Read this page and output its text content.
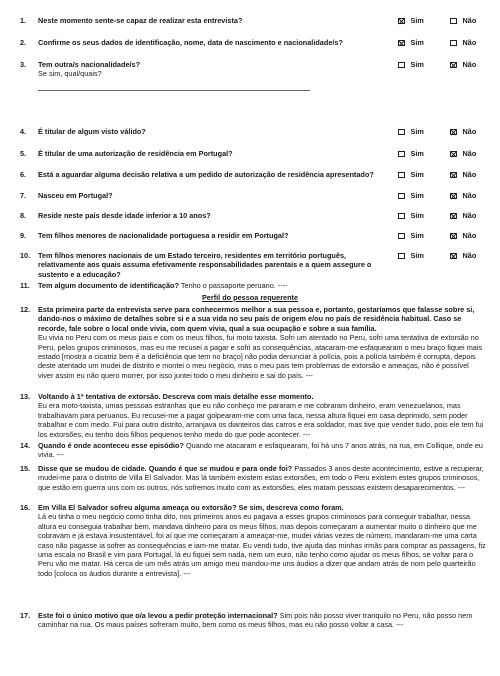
1.	Neste momento sente-se capaz de realizar esta entrevista?	Sim	Não
2.	Confirme os seus dados de identificação, nome, data de nascimento e nacionalidade/s?	Sim	Não
3.	Tem outra/s nacionalidade/s?
Se sim, qual/quais?
Sim	Não
4.	É titular de algum visto válido?	Sim	Não
5.	É titular de uma autorização de residência em Portugal?	Sim	Não
6.	Está a aguardar alguma decisão relativa a um pedido de autorização de residência apresentado?	Sim	Não
7.	Nasceu em Portugal?	Sim	Não
8.	Reside neste país desde idade inferior a 10 anos?	Sim	Não
9.	Tem filhos menores de nacionalidade portuguesa a residir em Portugal?	Sim	Não
10.	Tem filhos menores nacionais de um Estado terceiro, residentes em território português, relativamente aos quais assuma efetivamente responsabilidades parentais e a quem assegure o sustento e a educação?
Sim	Não
11.	Tem algum documento de identificação? Tenho o passaporte peruano. ----
Perfil do pessoa requerente
12.	Esta primeira parte da entrevista serve para conhecermos melhor a sua pessoa e, portanto, gostaríamos que falasse sobre si, dando-nos o máximo de detalhes sobre si e a sua vida no seu país de origem e/ou no país de residência habitual. Caso se recorde, fale sobre o local onde vivia, com quem vivia, qual a sua ocupação e sobre a sua família.
Eu vivia no Peru com os meus pais e com os meus filhos, fui moto taxista. Sofri um atentado no Peru, sofri uma tentativa de extorsão no Peru, pelos grupos criminosos, mas eu me recusei a pagar e sofri as consequências, atacaram-me esfaquearam o meu braço fiquei mais estado [mostra a cicatriz bem é a deficiência que tem no braço] não podia denunciar à polícia, pois a polícia também é corrupta, depois deste atentado um mudei de distrito e montei o meu negócio, mas o meu pais tem problemas de extorsão e ameaças, não é possível viver assim eu não quero morrer, por isso juntei todo o meu dinheiro e sai do país. ---
13.	Voltando à 1ª tentativa de extorsão. Descreva com mais detalhe esse momento.
Eu era moto-taxista, umas pessoas estranhas que eu não conheço me pararam e me cobraram dinheiro, eram venezuelanos, mas trabalhavam para peruanos. Eu recusei-me a pagar golpearam-me com uma faca, nessa altura fiquei em casa deprimido, sem poder trabalhar e com medo. Fui para outro distrito, arranjava os dianteiros das carros e era soldador, mas tive que vender tudo, pois ele tem fui los extorsões, eu tenho dois filhos pequenos tenho medo do que pode acontecer. ---
14.	Quando é onde aconteceu esse episódio? Quando me atacaram e esfaquearam, foi há uns 7 anos atrás, na rua, em Collique, onde eu vivia. ---
15.	Disse que se mudou de cidade. Quando é que se mudou e para onde foi? Passados 3 anos deste acontecimento, estive a recuperar, mudei-me para o distrito de Villa El Salvador. Mas lá também existem estas extorsões, em todo o Peru existem estes grupos criminosos, que estão em guerra uns com os outros, nós sofremos muito com as extorsões, eles matam pessoas existem desaparecimentos. ---
16.	Em Villa El Salvador sofreu alguma ameaça ou extorsão? Se sim, descreva como foram.
Lá eu tinha o meu negócio como tinha dito, nos primeiros anos eu pagava a esses grupos criminosos para conseguir trabalhar, nessa altura eu conseguia trabalhar bem, mandava dinheiro para os meus filhos, mas depois começaram a aumentar muito o dinheiro que me cobravam e já estava insustentável, foi aí que me começaram a ameaçar-me, mudei várias vezes de número, mandaram-me uma carta caso não pagasse ia sofrer as consequências e iam-me matar. Eu vendi tudo, tive ajuda das minhas irmãs para comprar as passagens, fiz uma escala no Brasil e vim para Portugal, lá eu fiquei sem nada, nem um euro, não tenho como ajudar os meus filhos, se voltar para o Peru vão me matar. Há cerca de um mês atrás um amigo meu mandou-me uns áudios a dizer que andam atrás de nom pelo quarteirão todo [coloca os áudios durante a entrevista]. ---
17.	Este foi o único motivo que o/a levou a pedir proteção internacional? Sim pois não posso viver tranquilo no Peru, não posso nem caminhar na rua. Os maus países sofreram muito, bem como os meus filhos, mas eu não posso voltar a casa. ---
